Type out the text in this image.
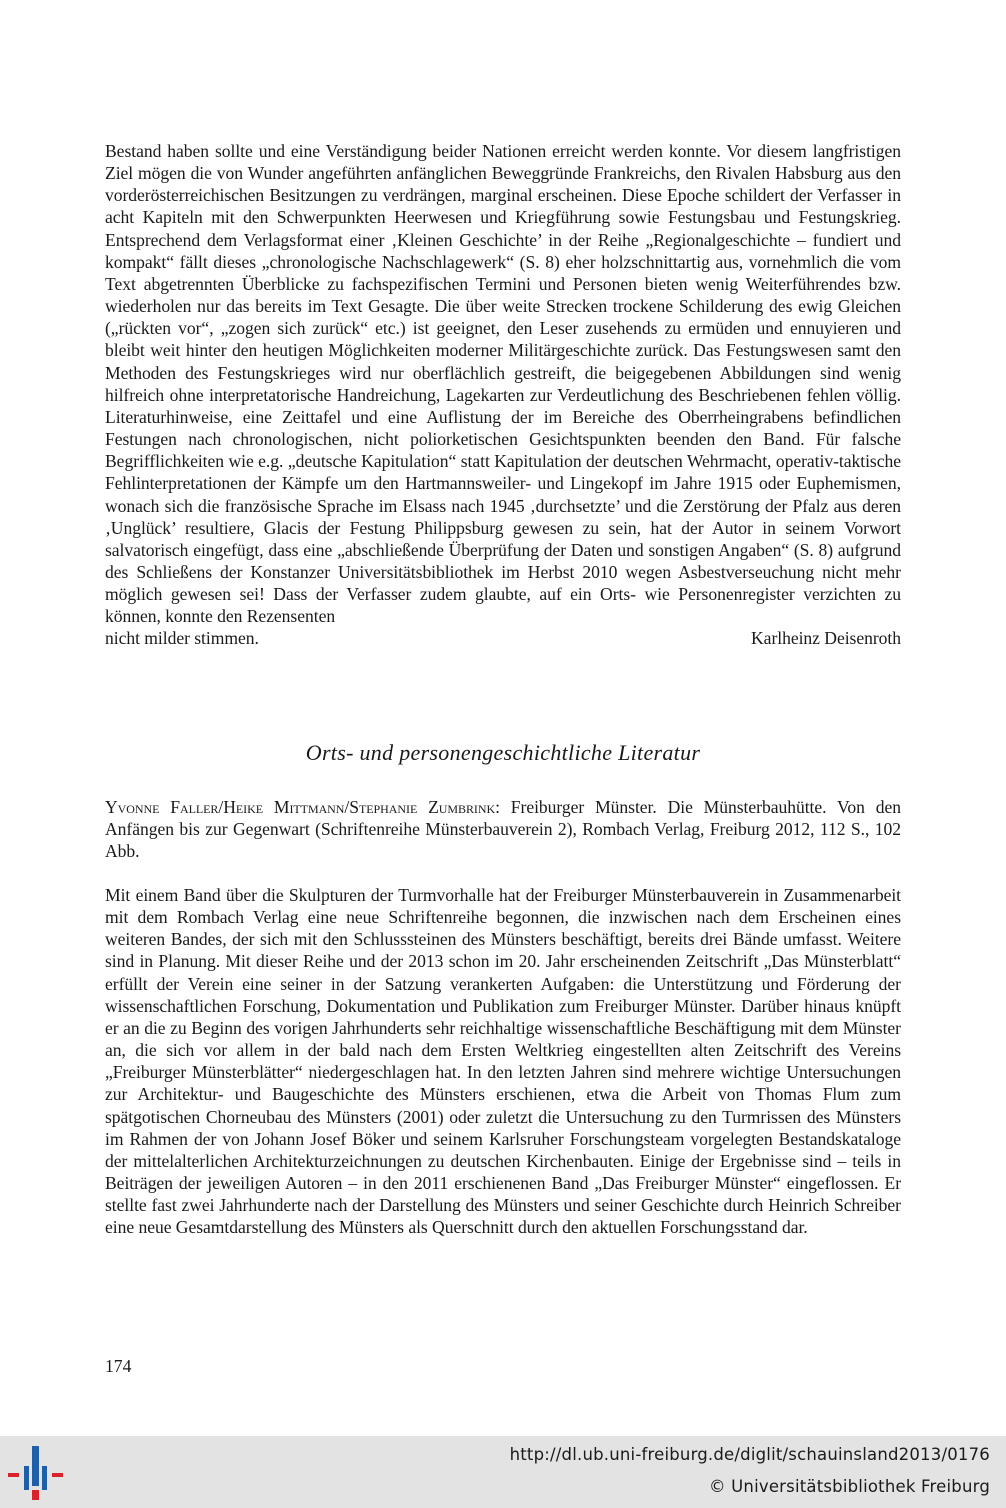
Bestand haben sollte und eine Verständigung beider Nationen erreicht werden konnte. Vor diesem langfristigen Ziel mögen die von Wunder angeführten anfänglichen Beweggründe Frankreichs, den Rivalen Habsburg aus den vorderösterreichischen Besitzungen zu verdrängen, marginal erscheinen. Diese Epoche schildert der Verfasser in acht Kapiteln mit den Schwerpunkten Heerwesen und Kriegführung sowie Festungsbau und Festungskrieg. Entsprechend dem Verlagsformat einer ‚Kleinen Geschichte’ in der Reihe „Regionalgeschichte – fundiert und kompakt“ fällt dieses „chronologische Nachschlagewerk“ (S. 8) eher holzschnittartig aus, vornehmlich die vom Text abgetrennten Überblicke zu fachspezifischen Termini und Personen bieten wenig Weiterführendes bzw. wiederholen nur das bereits im Text Gesagte. Die über weite Strecken trockene Schilderung des ewig Gleichen („rückten vor“, „zogen sich zurück“ etc.) ist geeignet, den Leser zusehends zu ermüden und ennuyieren und bleibt weit hinter den heutigen Möglichkeiten moderner Militärgeschichte zurück. Das Festungswesen samt den Methoden des Festungskrieges wird nur oberflächlich gestreift, die beigegebenen Abbildungen sind wenig hilfreich ohne interpretatorische Handreichung, Lagekarten zur Verdeutlichung des Beschriebenen fehlen völlig. Literaturhinweise, eine Zeittafel und eine Auflistung der im Bereiche des Oberrheingrabens befindlichen Festungen nach chronologischen, nicht poliorketischen Gesichtspunkten beenden den Band. Für falsche Begrifflichkeiten wie e.g. „deutsche Kapitulation“ statt Kapitulation der deutschen Wehrmacht, operativ-taktische Fehlinterpretationen der Kämpfe um den Hartmannsweiler- und Lingekopf im Jahre 1915 oder Euphemismen, wonach sich die französische Sprache im Elsass nach 1945 ‚durchsetzte’ und die Zerstörung der Pfalz aus deren ‚Unglück’ resultiere, Glacis der Festung Philippsburg gewesen zu sein, hat der Autor in seinem Vorwort salvatorisch eingefügt, dass eine „abschließende Überprüfung der Daten und sonstigen Angaben“ (S. 8) aufgrund des Schließens der Konstanzer Universitätsbibliothek im Herbst 2010 wegen Asbestverseuchung nicht mehr möglich gewesen sei! Dass der Verfasser zudem glaubte, auf ein Orts- wie Personenregister verzichten zu können, konnte den Rezensenten

nicht milder stimmen.	Karlheinz Deisenroth
Orts- und personengeschichtliche Literatur

Yvonne Faller/Heike Mittmann/Stephanie Zumbrink: Freiburger Münster. Die Münsterbauhütte. Von den Anfängen bis zur Gegenwart (Schriftenreihe Münsterbauverein 2), Rombach Verlag, Freiburg 2012, 112 S., 102 Abb.

Mit einem Band über die Skulpturen der Turmvorhalle hat der Freiburger Münsterbauverein in Zusammenarbeit mit dem Rombach Verlag eine neue Schriftenreihe begonnen, die inzwischen nach dem Erscheinen eines weiteren Bandes, der sich mit den Schlusssteinen des Münsters beschäftigt, bereits drei Bände umfasst. Weitere sind in Planung. Mit dieser Reihe und der 2013 schon im 20. Jahr erscheinenden Zeitschrift „Das Münsterblatt“ erfüllt der Verein eine seiner in der Satzung verankerten Aufgaben: die Unterstützung und Förderung der wissenschaftlichen Forschung, Dokumentation und Publikation zum Freiburger Münster. Darüber hinaus knüpft er an die zu Beginn des vorigen Jahrhunderts sehr reichhaltige wissenschaftliche Beschäftigung mit dem Münster an, die sich vor allem in der bald nach dem Ersten Weltkrieg eingestellten alten Zeitschrift des Vereins „Freiburger Münsterblätter“ niedergeschlagen hat. In den letzten Jahren sind mehrere wichtige Untersuchungen zur Architektur- und Baugeschichte des Münsters erschienen, etwa die Arbeit von Thomas Flum zum spätgotischen Chorneubau des Münsters (2001) oder zuletzt die Untersuchung zu den Turmrissen des Münsters im Rahmen der von Johann Josef Böker und seinem Karlsruher Forschungsteam vorgelegten Bestandskataloge der mittelalterlichen Architekturzeichnungen zu deutschen Kirchenbauten. Einige der Ergebnisse sind – teils in Beiträgen der jeweiligen Autoren – in den 2011 erschienenen Band „Das Freiburger Münster“ eingeflossen. Er stellte fast zwei Jahrhunderte nach der Darstellung des Münsters und seiner Geschichte durch Heinrich Schreiber eine neue Gesamtdarstellung des Münsters als Querschnitt durch den aktuellen Forschungsstand dar.

174
http://dl.ub.uni-freiburg.de/diglit/schauinsland2013/0176
© Universitätsbibliothek Freiburg
